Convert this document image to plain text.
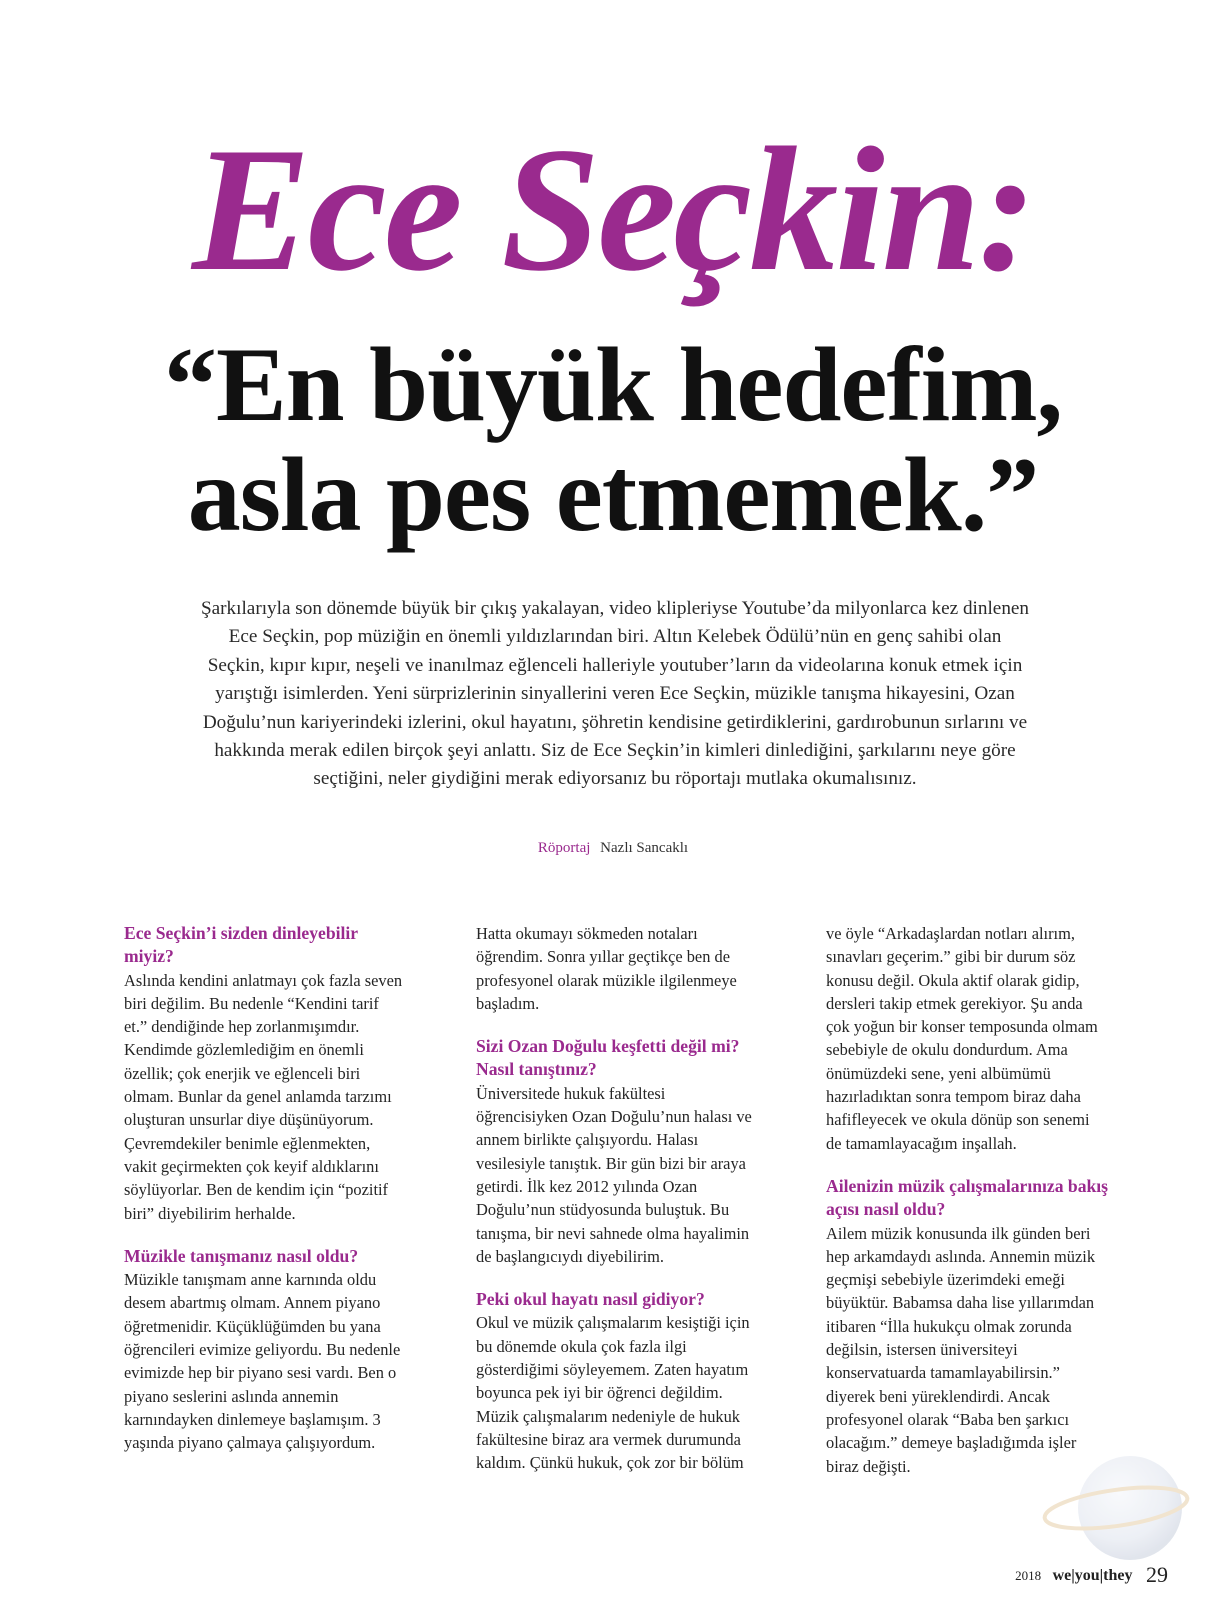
Ece Seçkin:
“En büyük hedefim,
asla pes etmemek.”

Şarkılarıyla son dönemde büyük bir çıkış yakalayan, video klipleriyse Youtube’da milyonlarca kez dinlenen Ece Seçkin, pop müziğin en önemli yıldızlarından biri. Altın Kelebek Ödülü’nün en genç sahibi olan Seçkin, kıpır kıpır, neşeli ve inanılmaz eğlenceli halleriyle youtuber’ların da videolarına konuk etmek için yarıştığı isimlerden. Yeni sürprizlerinin sinyallerini veren Ece Seçkin, müzikle tanışma hikayesini, Ozan Doğulu’nun kariyerindeki izlerini, okul hayatını, şöhretin kendisine getirdiklerini, gardırobunun sırlarını ve hakkında merak edilen birçok şeyi anlattı. Siz de Ece Seçkin’in kimleri dinlediğini, şarkılarını neye göre seçtiğini, neler giydiğini merak ediyorsanız bu röportajı mutlaka okumalısınız.

Röportaj Nazlı Sancaklı
Ece Seçkin’i sizden dinleyebilir miyiz?

Aslında kendini anlatmayı çok fazla seven biri değilim. Bu nedenle “Kendini tarif et.” dendiğinde hep zorlanmışımdır. Kendimde gözlemlediğim en önemli özellik; çok enerjik ve eğlenceli biri olmam. Bunlar da genel anlamda tarzımı oluşturan unsurlar diye düşünüyorum. Çevremdekiler benimle eğlenmekten, vakit geçirmekten çok keyif aldıklarını söylüyorlar. Ben de kendim için “pozitif biri” diyebilirim herhalde.

Müzikle tanışmanız nasıl oldu?

Müzikle tanışmam anne karnında oldu desem abartmış olmam. Annem piyano öğretmenidir. Küçüklüğümden bu yana öğrencileri evimize geliyordu. Bu nedenle evimizde hep bir piyano sesi vardı. Ben o piyano seslerini aslında annemin karnındayken dinlemeye başlamışım. 3 yaşında piyano çalmaya çalışıyordum.

Hatta okumayı sökmeden notaları öğrendim. Sonra yıllar geçtikçe ben de profesyonel olarak müzikle ilgilenmeye başladım.

Sizi Ozan Doğulu keşfetti değil mi? Nasıl tanıştınız?

Üniversitede hukuk fakültesi öğrencisiyken Ozan Doğulu’nun halası ve annem birlikte çalışıyordu. Halası vesilesiyle tanıştık. Bir gün bizi bir araya getirdi. İlk kez 2012 yılında Ozan Doğulu’nun stüdyosunda buluştuk. Bu tanışma, bir nevi sahnede olma hayalimin de başlangıcıydı diyebilirim.

Peki okul hayatı nasıl gidiyor?

Okul ve müzik çalışmalarım kesiştiği için bu dönemde okula çok fazla ilgi gösterdiğimi söyleyemem. Zaten hayatım boyunca pek iyi bir öğrenci değildim. Müzik çalışmalarım nedeniyle de hukuk fakültesine biraz ara vermek durumunda kaldım. Çünkü hukuk, çok zor bir bölüm

ve öyle “Arkadaşlardan notları alırım, sınavları geçerim.” gibi bir durum söz konusu değil. Okula aktif olarak gidip, dersleri takip etmek gerekiyor. Şu anda çok yoğun bir konser temposunda olmam sebebiyle de okulu dondurdum. Ama önümüzdeki sene, yeni albümümü hazırladıktan sonra tempom biraz daha hafifleyecek ve okula dönüp son senemi de tamamlayacağım inşallah.

Ailenizin müzik çalışmalarınıza bakış açısı nasıl oldu?

Ailem müzik konusunda ilk günden beri hep arkamdaydı aslında. Annemin müzik geçmişi sebebiyle üzerimdeki emeği büyüktür. Babamsa daha lise yıllarımdan itibaren “İlla hukukçu olmak zorunda değilsin, istersen üniversiteyi konservatuarda tamamlayabilirsin.” diyerek beni yüreklendirdi. Ancak profesyonel olarak “Baba ben şarkıcı olacağım.” demeye başladığımda işler biraz değişti.

2018 we|you|they 29
